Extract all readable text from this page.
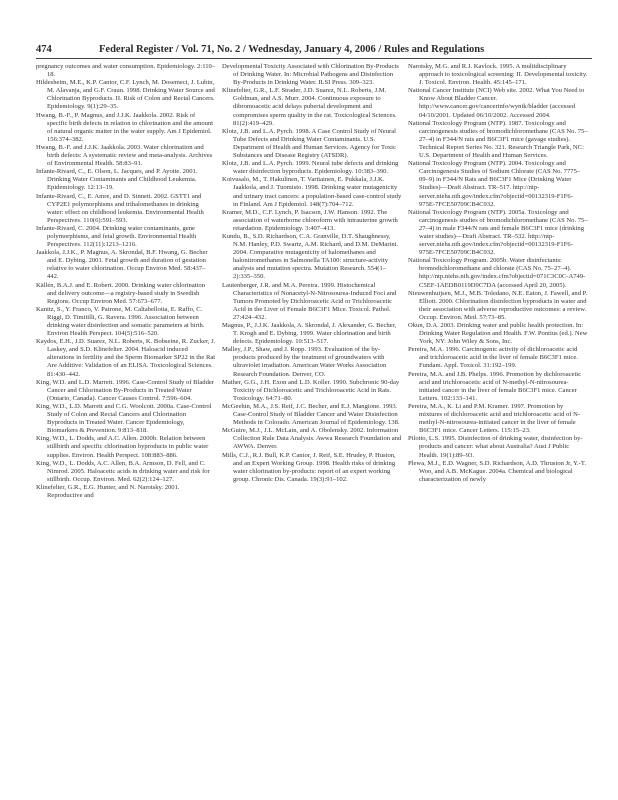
474	Federal Register / Vol. 71, No. 2 / Wednesday, January 4, 2006 / Rules and Regulations

pregnancy outcomes and water consumption. Epidemiology. 2:110–18.

Hildesheim, M.E., K.P. Cantor, C.F. Lynch, M. Dosemeci, J. Lubin, M. Alavanja, and G.F. Craun. 1998. Drinking Water Source and Chlorination Byproducts. II. Risk of Colon and Rectal Cancers. Epidemiology. 9(1):29–35.

Hwang, B.-F., P. Magnus, and J.J.K. Jaakkola. 2002. Risk of specific birth defects in relation to chlorination and the amount of natural organic matter in the water supply. Am J Epidemiol. 156:374–382.

Hwang, B.-F. and J.J.K. Jaakkola. 2003. Water chlorination and birth defects: A systematic review and meta-analysis. Archives of Environmental Health. 58:83–91.

Infante-Rivard, C., E. Olson, L. Jacques, and P. Ayotte. 2001. Drinking Water Contaminants and Childhood Leukemia. Epidemiology. 12:13–19.

Infante-Rivard, C., E. Amre, and D. Sinnett. 2002. GSTT1 and CYP2E1 polymorphisms and trihalomethanes in drinking water: effect on childhood leukemia. Environmental Health Perspectives. 110(6):591–593.

Infante-Rivard, C. 2004. Drinking water contaminants, gene polymorphisms, and fetal growth. Environmental Health Perspectives. 112(11):1213–1216.

Jaakkola, J.J.K., P. Magnus, A. Skrondal, B.F. Hwang, G. Becher and E. Dybing. 2001. Fetal growth and duration of gestation relative to water chlorination. Occup Environ Med. 58:437–442.

Källén, B.A.J. and E. Robert. 2000. Drinking water chlorination and delivery outcome—a registry-based study in Swedish Regions. Occup Environ Med. 57:673–677.

Kanitz, S., Y. Franco, V. Patrone, M. Caltabellotta, E. Raffo, C. Riggi, D. Timitilli, G. Ravera. 1996. Association between drinking water disinfection and somatic parameters at birth. Environ Health Perspect. 104(5):516–520.

Kaydos, E.H., J.D. Suarez, N.L. Roberts, K. Bobseine, R. Zucker, J. Laskey, and S.D. Klinefelter. 2004. Haloacid induced alterations in fertility and the Sperm Biomarker SP22 in the Rat Are Additive: Validation of an ELISA. Toxicological Sciences. 81:430–442.

King, W.D. and L.D. Marrett. 1996. Case-Control Study of Bladder Cancer and Chlorination By-Products in Treated Water (Ontario, Canada). Cancer Causes Control. 7:596–604.

King, W.D., L.D. Marrett and C.G. Woolcott. 2000a. Case-Control Study of Colon and Rectal Cancers and Chlorination Byproducts in Treated Water. Cancer Epidemiology, Biomarkers & Prevention. 9:813–818.

King, W.D., L. Dodds, and A.C. Allen. 2000b. Relation between stillbirth and specific chlorination byproducts in public water supplies. Environ. Health Perspect. 108:883–886.

King, W.D., L. Dodds, A.C. Allen, B.A. Armson, D. Fell, and C. Nimrod. 2005. Haloacetic acids in drinking water and risk for stillbirth. Occup. Environ. Med. 62(2):124–127.

Klinefelter, G.R., E.G. Hunter, and N. Narotsky. 2001. Reproductive and

Developmental Toxicity Associated with Chlorination By-Products of Drinking Water. In: Microbial Pathogens and Disinfection By-Products in Drinking Water. ILSI Press. 309–323.

Klinefelter, G.R., L.F. Strader, J.D. Suarez, N.L. Roberts, J.M. Goldman, and A.S. Murr. 2004. Continuous exposure to dibromoacetic acid delays pubertal development and compromises sperm quality in the rat. Toxicological Sciences. 81(2):419–429.

Klotz, J.B. and L.A. Pyrch. 1998. A Case Control Study of Neural Tube Defects and Drinking Water Contaminants. U.S. Department of Health and Human Services. Agency for Toxic Substances and Disease Registry (ATSDR).

Klotz, J.B. and L.A. Pyrch. 1999. Neural tube defects and drinking water disinfection byproducts. Epidemiology. 10:383–390.

Koivusalo, M., T. Hakulinen, T. Vartiainen, E. Pukkala, J.J.K. Jaakkola, and J. Tuomisto. 1998. Drinking water mutagenicity and urinary tract cancers: a population-based case-control study in Finland. Am J Epidemiol. 148(7):704–712.

Kramer, M.D., C.F. Lynch, P. Isacson, J.W. Hanson. 1992. The association of waterborne chloroform with intrauterine growth retardation. Epidemiology. 3:407–413.

Kundu, B., S.D. Richardson, C.A. Granville, D.T. Shaughnessy, N.M. Hanley, P.D. Swartz, A.M. Richard, and D.M. DeMarini. 2004. Comparative mutagenicity of halomethanes and halonitromethanes in Salmonella TA100: structure-activity analysis and mutation spectra. Mutation Research. 554(1–2):335–350.

Lautenberger, J.R. and M.A. Pereira. 1999. Histochemical Characteristics of Nonacetyl-N-Nitrosourea-Induced Foci and Tumors Promoted by Dichloroacetic Acid or Trichloroacetic Acid in the Liver of Female B6C3F1 Mice. Toxicol. Pathol. 27:424–432.

Magnus, P., J.J.K. Jaakkola, A. Skrondal, J. Alexander, G. Becher, T. Krogh and E. Dybing. 1999. Water chlorination and birth defects. Epidemiology. 10:513–517.

Malley, J.P., Shaw, and J. Ropp. 1993. Evaluation of the by-products produced by the treatment of groundwaters with ultraviolet irradiation. American Water Works Association Research Foundation. Denver, CO.

Mather, G.G., J.H. Exon and L.D. Koller. 1990. Subchronic 90-day Toxicity of Dichloroacetic and Trichloroacetic Acid in Rats. Toxicology. 64:71–80.

McGeehin, M.A., J.S. Reif, J.C. Becher, and E.J. Mangione. 1993. Case-Control Study of Bladder Cancer and Water Disinfection Methods in Colorado. American Journal of Epidemiology. 138.

McGuire, M.J., J.L. McLain, and A. Obolensky. 2002. Information Collection Rule Data Analysis. Awwa Research Foundation and AWWA. Denver.

Mills, C.J., R.J. Bull, K.P. Cantor, J. Reif, S.E. Hrudey, P. Huston, and an Expert Working Group. 1998. Health risks of drinking water chlorination by-products: report of an expert working group. Chronic Dis. Canada. 19(3):91–102.

Narotsky, M.G. and R.J. Kavlock. 1995. A multidisciplinary approach to toxicological screening: II. Developmental toxicity. J. Toxicol. Environ. Health. 45:145–171.

National Cancer Institute (NCI) Web site. 2002. What You Need to Know About Bladder Cancer. http://www.cancer.gov/cancerinfo/wyntk/bladder (accessed 04/10/2001. Updated 06/10/2002. Accessed 2004.

National Toxicology Program (NTP). 1987. Toxicology and carcinogenesis studies of bromodichloromethane (CAS No. 75–27–4) in F344/N rats and B6C3F1 mice (gavage studies). Technical Report Series No. 321. Research Triangle Park, NC: U.S. Department of Health and Human Services.

National Toxicology Program (NTP). 2004. Toxicology and Carcinogenesis Studies of Sodium Chlorate (CAS No. 7775–09–9) in F344/N Rats and B6C3F1 Mice (Drinking Water Studies)—Draft Abstract. TR–517. http://ntp-server.niehs.nih.gov/index.cfm?objectid=00132319-F1F6-975E-7FCE50709CB4C932.

National Toxicology Program (NTP). 2005a. Toxicology and carcinogenesis studies of bromodichloromethane (CAS No. 75–27–4) in male F344/N rats and female B6C3F1 mice (drinking water studies)—Draft Abstract. TR–532. http://ntp-server.niehs.nih.gov/index.cfm?objectid=00132319-F1F6-975E-7FCE50709CB4C932.

National Toxicology Program. 2005b. Water disinfectants: bromodichloromethane and chlorate (CAS No. 75–27–4). http://ntp.niehs.nih.gov/index.cfm?objectid=071C3C0C-A749-C5EF-1AEDB0119D9C7DA (accessed April 20, 2005).

Nieuwenhuijsen, M.J., M.B. Toledano, N.E. Eaton, J. Fawell, and P. Elliott. 2000. Chlorination disinfection byproducts in water and their association with adverse reproductive outcomes: a review. Occup. Environ. Med. 57:73–85.

Okun, D.A. 2003. Drinking water and public health protection. In: Drinking Water Regulation and Health. F.W. Pontius (ed.). New York, NY: John Wiley & Sons, Inc.

Pereira, M.A. 1996. Carcinogenic activity of dichloroacetic acid and trichloroacetic acid in the liver of female B6C3F1 mice. Fundam. Appl. Toxicol. 31:192–199.

Pereira, M.A. and J.B. Phelps. 1996. Promotion by dichloroacetic acid and trichloroacetic acid of N-methyl-N-nitrosourea-initiated cancer in the liver of female B6C3F1 mice. Cancer Letters. 102:133–141.

Pereira, M.A., K. Li and P.M. Kramer. 1997. Promotion by mixtures of dichloroacetic acid and trichloroacetic acid of N-methyl-N-nitrosourea-initiated cancer in the liver of female B6C3F1 mice. Cancer Letters. 115:15–23.

Pilotto, L.S. 1995. Disinfection of drinking water, disinfection by-products and cancer: what about Australia? Aust J Public Health. 19(1):89–93.

Plewa, M.J., E.D. Wagner, S.D. Richardson, A.D. Thruston Jr, Y.-T. Woo, and A.B. McKague. 2004a. Chemical and biological characterization of newly
